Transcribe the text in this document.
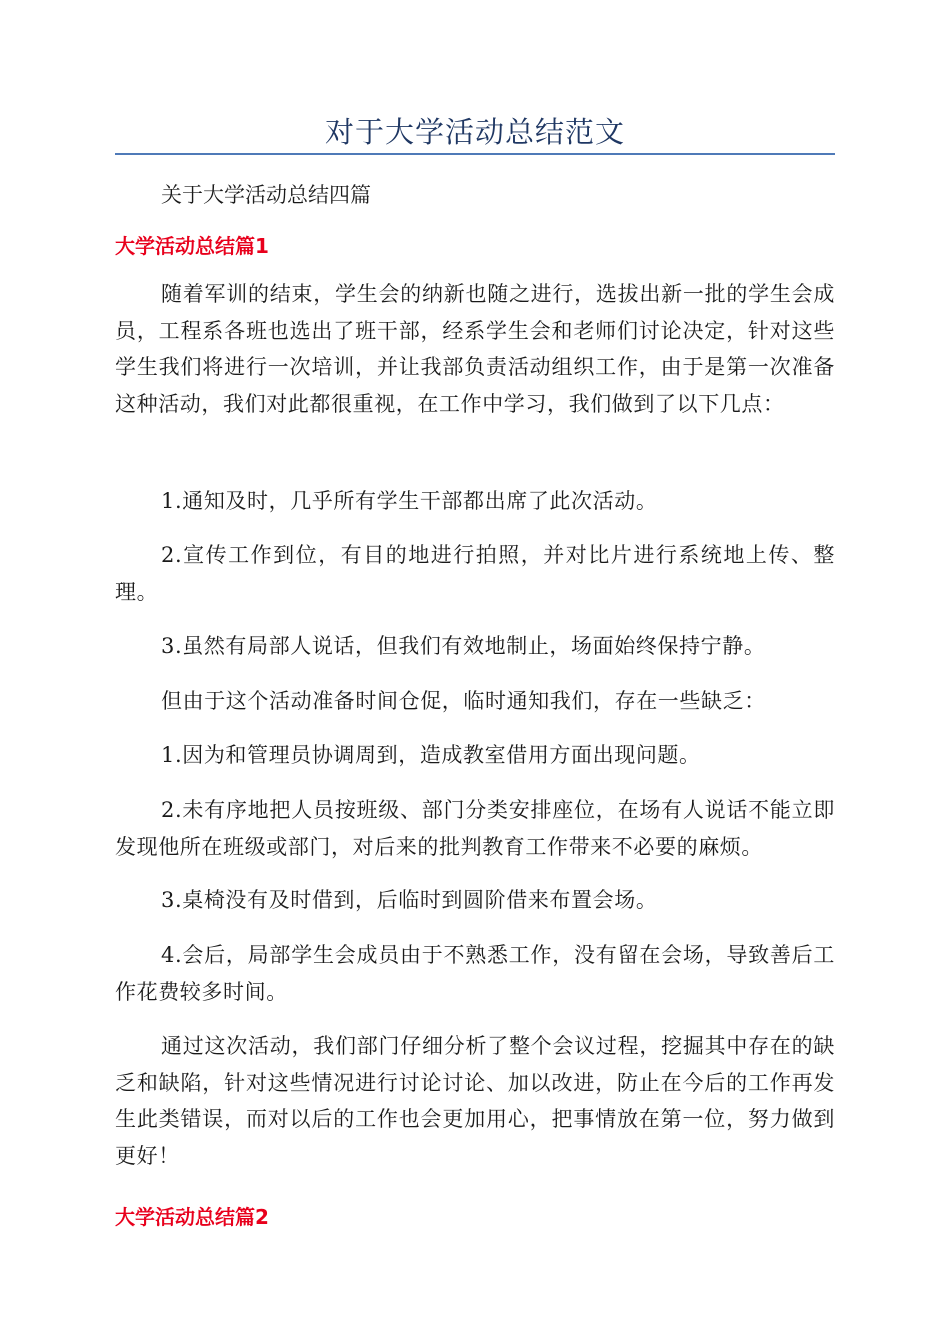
对于大学活动总结范文
关于大学活动总结四篇
大学活动总结篇1

随着军训的结束，学生会的纳新也随之进行，选拔出新一批的学生会成员，工程系各班也选出了班干部，经系学生会和老师们讨论决定，针对这些学生我们将进行一次培训，并让我部负责活动组织工作，由于是第一次准备这种活动，我们对此都很重视，在工作中学习，我们做到了以下几点：

1.通知及时，几乎所有学生干部都出席了此次活动。

2.宣传工作到位，有目的地进行拍照，并对比片进行系统地上传、整理。

3.虽然有局部人说话，但我们有效地制止，场面始终保持宁静。

但由于这个活动准备时间仓促，临时通知我们，存在一些缺乏：

1.因为和管理员协调周到，造成教室借用方面出现问题。

2.未有序地把人员按班级、部门分类安排座位，在场有人说话不能立即发现他所在班级或部门，对后来的批判教育工作带来不必要的麻烦。

3.桌椅没有及时借到，后临时到圆阶借来布置会场。

4.会后，局部学生会成员由于不熟悉工作，没有留在会场，导致善后工作花费较多时间。

通过这次活动，我们部门仔细分析了整个会议过程，挖掘其中存在的缺乏和缺陷，针对这些情况进行讨论讨论、加以改进，防止在今后的工作再发生此类错误，而对以后的工作也会更加用心，把事情放在第一位，努力做到更好！

大学活动总结篇2
